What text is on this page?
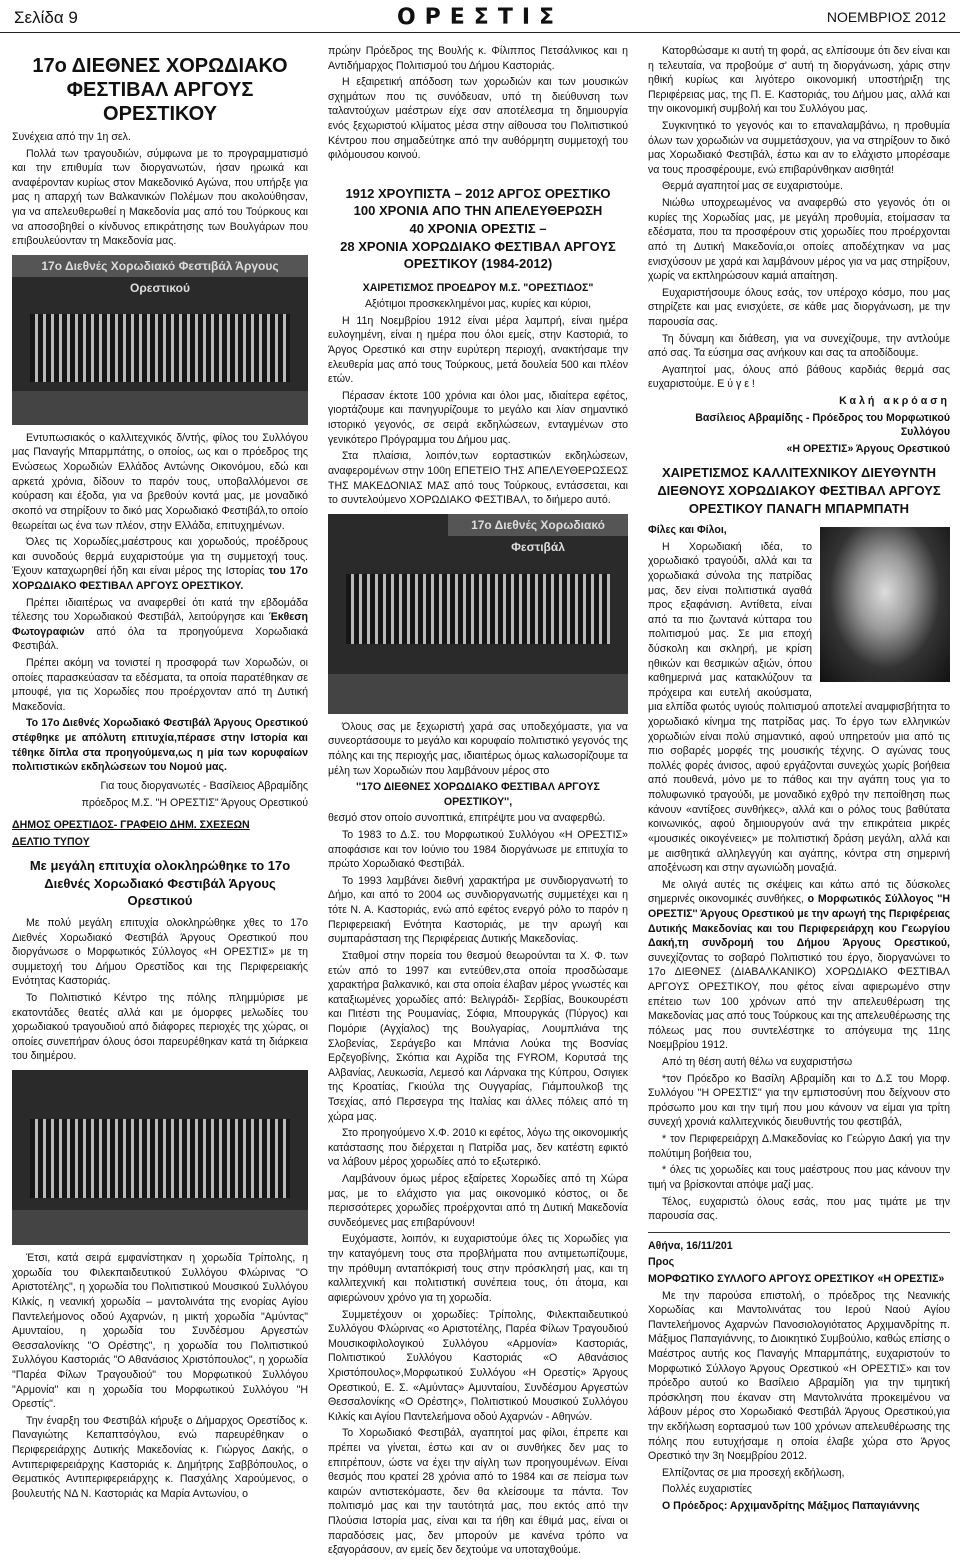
Σελίδα 9	ΟΡΕΣΤΙΣ	ΝΟΕΜΒΡΙΟΣ 2012
17ο ΔΙΕΘΝΕΣ ΧΟΡΩΔΙΑΚΟ
ΦΕΣΤΙΒΑΛ ΑΡΓΟΥΣ ΟΡΕΣΤΙΚΟΥ

Συνέχεια από την 1η σελ.

Πολλά των τραγουδιών, σύμφωνα με το προγραμματισμό και την επιθυμία των διοργανωτών, ήσαν ηρωικά και αναφέρονταν κυρίως στον Μακεδονικό Αγώνα, που υπήρξε για μας η απαρχή των Βαλκανικών Πολέμων που ακολούθησαν, για να απελευθερωθεί η Μακεδονία μας από του Τούρκους και να αποσοβηθεί ο κίνδυνος επικράτησης των Βουλγάρων που επιβουλεύονταν τη Μακεδονία μας.

17ο Διεθνές Χορωδιακό Φεστιβάλ Άργους Ορεστικού

Εντυπωσιακός ο καλλιτεχνικός δ/ντής, φίλος του Συλλόγου μας Παναγής Μπαρμπάτης, ο οποίος, ως και ο πρόεδρος της Ενώσεως Χορωδιών Ελλάδος Αντώνης Οικονόμου, εδώ και αρκετά χρόνια, δίδουν το παρόν τους, υποβαλλόμενοι σε κούραση και έξοδα, για να βρεθούν κοντά μας, με μοναδικό σκοπό να στηρίξουν το δικό μας Χορωδιακό Φεστιβάλ,το οποίο θεωρείται ως ένα των πλέον, στην Ελλάδα, επιτυχημένων.

Όλες τις Χορωδίες,μαέστρους και χορωδούς, προέδρους και συνοδούς θερμά ευχαριστούμε για τη συμμετοχή τους. Έχουν καταχωρηθεί ήδη και είναι μέρος της Ιστορίας του 17ο ΧΟΡΩΔΙΑΚΟ ΦΕΣΤΙΒΑΛ ΑΡΓΟΥΣ ΟΡΕΣΤΙΚΟΥ.

Πρέπει ιδιαιτέρως να αναφερθεί ότι κατά την εβδομάδα τέλεσης του Χορωδιακού Φεστιβάλ, λειτούργησε και Έκθεση Φωτογραφιών από όλα τα προηγούμενα Χορωδιακά Φεστιβάλ.

Πρέπει ακόμη να τονιστεί η προσφορά των Χορωδών, οι οποίες παρασκεύασαν τα εδέσματα, τα οποία παρατέθηκαν σε μπουφέ, για τις Χορωδίες που προέρχονταν από τη Δυτική Μακεδονία.

Το 17ο Διεθνές Χορωδιακό Φεστιβάλ Άργους Ορεστικού στέφθηκε με απόλυτη επιτυχία,πέρασε στην Ιστορία και τέθηκε δίπλα στα προηγούμενα,ως η μία των κορυφαίων πολιτιστικών εκδηλώσεων του Νομού μας.

Για τους διοργανωτές - Βασίλειος Αβραμίδης

πρόεδρος Μ.Σ. "Η ΟΡΕΣΤΙΣ" Άργους Ορεστικού

ΔΗΜΟΣ ΟΡΕΣΤΙΔΟΣ- ΓΡΑΦΕΙΟ ΔΗΜ. ΣΧΕΣΕΩΝ

ΔΕΛΤΙΟ ΤΥΠΟΥ

Με μεγάλη επιτυχία ολοκληρώθηκε το 17ο Διεθνές Χορωδιακό Φεστιβάλ Άργους Ορεστικού

Με πολύ μεγάλη επιτυχία ολοκληρώθηκε χθες το 17ο Διεθνές Χορωδιακό Φεστιβάλ Άργους Ορεστικού που διοργάνωσε ο Μορφωτικός Σύλλογος «Η ΟΡΕΣΤΙΣ» με τη συμμετοχή του Δήμου Ορεστίδος και της Περιφερειακής Ενότητας Καστοριάς.

Το Πολιτιστικό Κέντρο της πόλης πλημμύρισε με εκατοντάδες θεατές αλλά και με όμορφες μελωδίες του χορωδιακού τραγουδιού από διάφορες περιοχές της χώρας, οι οποίες συνεπήραν όλους όσοι παρευρέθηκαν κατά τη διάρκεια του διημέρου.

Έτσι, κατά σειρά εμφανίστηκαν η χορωδία Τρίπολης, η χορωδία του Φιλεκπαιδευτικού Συλλόγου Φλώρινας "Ο Αριστοτέλης", η χορωδία του Πολιτιστικού Μουσικού Συλλόγου Κιλκίς, η νεανική χορωδία – μαντολινάτα της ενορίας Αγίου Παντελεήμονος οδού Αχαρνών, η μικτή χορωδία "Αμύντας" Αμυνταίου, η χορωδία του Συνδέσμου Αργεστών Θεσσαλονίκης "Ο Ορέστης", η χορωδία του Πολιτιστικού Συλλόγου Καστοριάς "Ο Αθανάσιος Χριστόπουλος", η χορωδία "Παρέα Φίλων Τραγουδιού" του Μορφωτικού Συλλόγου "Αρμονία" και η χορωδία του Μορφωτικού Συλλόγου "Η Ορεστίς".

Την έναρξη του Φεστιβάλ κήρυξε ο Δήμαρχος Ορεστίδος κ. Παναγιώτης Κεπαπτσόγλου, ενώ παρευρέθηκαν ο Περιφερειάρχης Δυτικής Μακεδονίας κ. Γιώργος Δακής, ο Αντιπεριφερειάρχης Καστοριάς κ. Δημήτρης Σαββόπουλος, ο Θεματικός Αντιπεριφερειάρχης κ. Πασχάλης Χαρούμενος, ο βουλευτής ΝΔ Ν. Καστοριάς κα Μαρία Αντωνίου, ο

πρώην Πρόεδρος της Βουλής κ. Φίλιππος Πετσάλνικος και η Αντιδήμαρχος Πολιτισμού του Δήμου Καστοριάς.

Η εξαιρετική απόδοση των χορωδιών και των μουσικών σχημάτων που τις συνόδευαν, υπό τη διεύθυνση των ταλαντούχων μαέστρων είχε σαν αποτέλεσμα τη δημιουργία ενός ξεχωριστού κλίματος μέσα στην αίθουσα του Πολιτιστικού Κέντρου που σημαδεύτηκε από την αυθόρμητη συμμετοχή του φιλόμουσου κοινού.

1912 ΧΡΟΥΠΙΣΤΑ – 2012 ΑΡΓΟΣ ΟΡΕΣΤΙΚΟ
100 ΧΡΟΝΙΑ ΑΠΟ ΤΗΝ ΑΠΕΛΕΥΘΕΡΩΣΗ
40 ΧΡΟΝΙΑ ΟΡΕΣΤΙΣ –
28 ΧΡΟΝΙΑ ΧΟΡΩΔΙΑΚΟ ΦΕΣΤΙΒΑΛ ΑΡΓΟΥΣ ΟΡΕΣΤΙΚΟΥ (1984-2012)

ΧΑΙΡΕΤΙΣΜΟΣ ΠΡΟΕΔΡΟΥ Μ.Σ. "ΟΡΕΣΤΙΔΟΣ"

Αξιότιμοι προσκεκλημένοι μας, κυρίες και κύριοι,

Η 11η Νοεμβρίου 1912 είναι μέρα λαμπρή, είναι ημέρα ευλογημένη, είναι η ημέρα που όλοι εμείς, στην Καστοριά, το Άργος Ορεστικό και στην ευρύτερη περιοχή, ανακτήσαμε την ελευθερία μας από τους Τούρκους, μετά δουλεία 500 και πλέον ετών.

Πέρασαν έκτοτε 100 χρόνια και όλοι μας, ιδιαίτερα εφέτος, γιορτάζουμε και πανηγυρίζουμε το μεγάλο και λίαν σημαντικό ιστορικό γεγονός, σε σειρά εκδηλώσεων, ενταγμένων στο γενικότερο Πρόγραμμα του Δήμου μας.

Στα πλαίσια, λοιπόν,των εορταστικών εκδηλώσεων, αναφερομένων στην 100η ΕΠΕΤΕΙΟ ΤΗΣ ΑΠΕΛΕΥΘΕΡΩΣΕΩΣ ΤΗΣ ΜΑΚΕΔΟΝΙΑΣ ΜΑΣ από τους Τούρκους, εντάσσεται, και το συντελούμενο ΧΟΡΩΔΙΑΚΟ ΦΕΣΤΙΒΑΛ, το διήμερο αυτό.

17ο Διεθνές Χορωδιακό Φεστιβάλ

Όλους σας με ξεχωριστή χαρά σας υποδεχόμαστε, για να συνεορτάσουμε το μεγάλο και κορυφαίο πολιτιστικό γεγονός της πόλης και της περιοχής μας, ιδιαιτέρως όμως καλωσορίζουμε τα μέλη των Χορωδιών που λαμβάνουν μέρος στο

''17Ο ΔΙΕΘΝΕΣ ΧΟΡΩΔΙΑΚΟ ΦΕΣΤΙΒΑΛ ΑΡΓΟΥΣ ΟΡΕΣΤΙΚΟΥ'',

θεσμό στον οποίο συνοπτικά, επιτρέψτε μου να αναφερθώ.

Το 1983 το Δ.Σ. του Μορφωτικού Συλλόγου «Η ΟΡΕΣΤΙΣ» αποφάσισε και τον Ιούνιο του 1984 διοργάνωσε με επιτυχία το πρώτο Χορωδιακό Φεστιβάλ.

Το 1993 λαμβάνει διεθνή χαρακτήρα με συνδιοργανωτή το Δήμο, και από το 2004 ως συνδιοργανωτής συμμετέχει και η τότε Ν. Α. Καστοριάς, ενώ από εφέτος ενεργό ρόλο το παρόν η Περιφερειακή Ενότητα Καστοριάς, με την αρωγή και συμπαράσταση της Περιφέρειας Δυτικής Μακεδονίας.

Σταθμοί στην πορεία του θεσμού θεωρούνται τα Χ. Φ. των ετών από το 1997 και εντεύθεν,στα οποία προσδώσαμε χαρακτήρα βαλκανικό, και στα οποία έλαβαν μέρος γνωστές και καταξιωμένες χορωδίες από: Βελιγράδι- Σερβίας, Βουκουρέστι και Πιτέστι της Ρουμανίας, Σόφια, Μπουργκάς (Πύργος) και Πομόριε (Αγχίαλος) της Βουλγαρίας, Λουμπλιάνα της Σλοβενίας, Σεράγεβο και Μπάνια Λούκα της Βοσνίας Ερζεγοβίνης, Σκόπια και Αχρίδα της FYROM, Κορυτσά της Αλβανίας, Λευκωσία, Λεμεσό και Λάρνακα της Κύπρου, Οσιγιεκ της Κροατίας, Γκιούλα της Ουγγαρίας, Γιάμπουλκοβ της Τσεχίας, από Περσεγρα της Ιταλίας και άλλες πόλεις από τη χώρα μας.

Στο προηγούμενο Χ.Φ. 2010 κι εφέτος, λόγω της οικονομικής κατάστασης που διέρχεται η Πατρίδα μας, δεν κατέστη εφικτό να λάβουν μέρος χορωδίες από το εξωτερικό.

Λαμβάνουν όμως μέρος εξαίρετες Χορωδίες από τη Χώρα μας, με το ελάχιστο για μας οικονομικό κόστος, οι δε περισσότερες χορωδίες προέρχονται από τη Δυτική Μακεδονία συνδεόμενες μας επιβαρύνουν!

Ευχόμαστε, λοιπόν, κι ευχαριστούμε όλες τις Χορωδίες για την καταγόμενη τους στα προβλήματα που αντιμετωπίζουμε, την πρόθυμη ανταπόκρισή τους στην πρόσκλησή μας, και τη καλλιτεχνική και πολιτιστική συνέπεια τους, ότι άτομα, και αφιερώνουν χρόνο για τη χορωδία.

Συμμετέχουν οι χορωδίες: Τρίπολης, Φιλεκπαιδευτικού Συλλόγου Φλώρινας «ο Αριστοτέλης, Παρέα Φίλων Τραγουδιού Μουσικοφιλολογικού Συλλόγου «Αρμονία» Καστοριάς, Πολιτιστικού Συλλόγου Καστοριάς «Ο Αθανάσιος Χριστόπουλος»,Μορφωτικού Συλλόγου «Η Ορεστίς» Άργους Ορεστικού, Ε. Σ. «Αμύντας» Αμυνταίου, Συνδέσμου Αργεστών Θεσσαλονίκης «Ο Ορέστης», Πολιτιστικού Μουσικού Συλλόγου Κιλκίς και Αγίου Παντελεήμονα οδού Αχαρνών - Αθηνών.

Το Χορωδιακό Φεστιβάλ, αγαπητοί μας φίλοι, έπρεπε και πρέπει να γίνεται, έστω και αν οι συνθήκες δεν μας το επιτρέπουν, ώστε να έχει την αίγλη των προηγουμένων. Είναι θεσμός που κρατεί 28 χρόνια από το 1984 και σε πείσμα των καιρών αντιστεκόμαστε, δεν θα κλείσουμε τα πάντα. Τον πολιτισμό μας και την ταυτότητά μας, που εκτός από την Πλούσια Ιστορία μας, είναι και τα ήθη και έθιμά μας, είναι οι παραδόσεις μας, δεν μπορούν με κανένα τρόπο να εξαγοράσουν, αν εμείς δεν δεχτούμε να υποταχθούμε.

Κατορθώσαμε κι αυτή τη φορά, ας ελπίσουμε ότι δεν είναι και η τελευταία, να προβούμε σ' αυτή τη διοργάνωση, χάρις στην ηθική κυρίως και λιγότερο οικονομική υποστήριξη της Περιφέρειας μας, της Π. Ε. Καστοριάς, του Δήμου μας, αλλά και την οικονομική συμβολή και του Συλλόγου μας.

Συγκινητικό το γεγονός και το επαναλαμβάνω, η προθυμία όλων των χορωδιών να συμμετάσχουν, για να στηρίξουν το δικό μας Χορωδιακό Φεστιβάλ, έστω και αν το ελάχιστο μπορέσαμε να τους προσφέρουμε, ενώ επιβαρύνθηκαν αισθητά!

Θερμά αγαπητοί μας σε ευχαριστούμε.

Νιώθω υποχρεωμένος να αναφερθώ στο γεγονός ότι οι κυρίες της Χορωδίας μας, με μεγάλη προθυμία, ετοίμασαν τα εδέσματα, που τα προσφέρουν στις χορωδίες που προέρχονται από τη Δυτική Μακεδονία,οι οποίες αποδέχτηκαν να μας ενισχύσουν με χαρά και λαμβάνουν μέρος για να μας στηρίξουν, χωρίς να εκπληρώσουν καμιά απαίτηση.

Ευχαριστήσουμε όλους εσάς, τον υπέροχο κόσμο, που μας στηρίζετε και μας ενισχύετε, σε κάθε μας διοργάνωση, με την παρουσία σας.

Τη δύναμη και διάθεση, για να συνεχίζουμε, την αντλούμε από σας. Τα εύσημα σας ανήκουν και σας τα αποδίδουμε.

Αγαπητοί μας, όλους από βάθους καρδιάς θερμά σας ευχαριστούμε. Ε ύ γ ε !

Καλή ακρόαση

Βασίλειος Αβραμίδης - Πρόεδρος του Μορφωτικού Συλλόγου

«Η ΟΡΕΣΤΙΣ» Άργους Ορεστικού

ΧΑΙΡΕΤΙΣΜΟΣ ΚΑΛΛΙΤΕΧΝΙΚΟΥ ΔΙΕΥΘΥΝΤΗ ΔΙΕΘΝΟΥΣ ΧΟΡΩΔΙΑΚΟΥ ΦΕΣΤΙΒΑΛ ΑΡΓΟΥΣ ΟΡΕΣΤΙΚΟΥ ΠΑΝΑΓΗ ΜΠΑΡΜΠΑΤΗ

Φίλες και Φίλοι,

Η Χορωδιακή ιδέα, το χορωδιακό τραγούδι, αλλά και τα χορωδιακά σύνολα της πατρίδας μας, δεν είναι πολιτιστικά αγαθά προς εξαφάνιση. Αντίθετα, είναι από τα πιο ζωντανά κύτταρα του πολιτισμού μας. Σε μια εποχή δύσκολη και σκληρή, με κρίση ηθικών και θεσμικών αξιών, όπου καθημερινά μας κατακλύζουν τα πρόχειρα και ευτελή ακούσματα, μια ελπίδα φωτός υγιούς πολιτισμού αποτελεί αναμφισβήτητα το χορωδιακό κίνημα της πατρίδας μας. Το έργο των ελληνικών χορωδιών είναι πολύ σημαντικό, αφού υπηρετούν μια από τις πιο σοβαρές μορφές της μουσικής τέχνης. Ο αγώνας τους πολλές φορές άνισος, αφού εργάζονται συνεχώς χωρίς βοήθεια από πουθενά, μόνο με το πάθος και την αγάπη τους για το πολυφωνικό τραγούδι, με μοναδικό εχθρό την πεποίθηση πως κάνουν «αντίξοες συνθήκες», αλλά και ο ρόλος τους βαθύτατα κοινωνικός, αφού δημιουργούν ανά την επικράτεια μικρές «μουσικές οικογένειες» με πολιτιστική δράση μεγάλη, αλλά και με αισθητικά αλληλεγγύη και αγάπης, κόντρα στη σημερινή αποξένωση και στην αγωνιώδη μοναξιά.

Με ολιγά αυτές τις σκέψεις και κάτω από τις δύσκολες σημερινές οικονομικές συνθήκες, ο Μορφωτικός Σύλλογος ''Η ΟΡΕΣΤΙΣ'' Άργους Ορεστικού με την αρωγή της Περιφέρειας Δυτικής Μακεδονίας και του Περιφερειάρχη κου Γεωργίου Δακή,τη συνδρομή του Δήμου Άργους Ορεστικού, συνεχίζοντας το σοβαρό Πολιτιστικό του έργο, διοργανώνει το 17ο ΔΙΕΘΝΕΣ (ΔΙΑΒΑΛΚΑΝΙΚΟ) ΧΟΡΩΔΙΑΚΟ ΦΕΣΤΙΒΑΛ ΑΡΓΟΥΣ ΟΡΕΣΤΙΚΟΥ, που φέτος είναι αφιερωμένο στην επέτειο των 100 χρόνων από την απελευθέρωση της Μακεδονίας μας από τους Τούρκους και της απελευθέρωσης της πόλεως μας που συντελέστηκε το απόγευμα της 11ης Νοεμβρίου 1912.

Από τη θέση αυτή θέλω να ευχαριστήσω

*τον Πρόεδρο κο Βασίλη Αβραμίδη και το Δ.Σ του Μορφ. Συλλόγου ''Η ΟΡΕΣΤΙΣ'' για την εμπιστοσύνη που δείχνουν στο πρόσωπο μου και την τιμή που μου κάνουν να είμαι για τρίτη συνεχή χρονιά καλλιτεχνικός διευθυντής του φεστιβάλ,

* τον Περιφερειάρχη Δ.Μακεδονίας κο Γεώργιο Δακή για την πολύτιμη βοήθεια του,

* όλες τις χορωδίες και τους μαέστρους που μας κάνουν την τιμή να βρίσκονται απόψε μαζί μας.

Τέλος, ευχαριστώ όλους εσάς, που μας τιμάτε με την παρουσία σας.

Αθήνα, 16/11/201

Προς

ΜΟΡΦΩΤΙΚΟ ΣΥΛΛΟΓΟ ΑΡΓΟΥΣ ΟΡΕΣΤΙΚΟΥ «Η ΟΡΕΣΤΙΣ»

Με την παρούσα επιστολή, ο πρόεδρος της Νεανικής Χορωδίας και Μαντολινάτας του Ιερού Ναού Αγίου Παντελεήμονος Αχαρνών Πανοσιολογιότατος Αρχιμανδρίτης π. Μάξιμος Παπαγιάννης, το Διοικητικό Συμβούλιο, καθώς επίσης ο Μαέστρος αυτής κος Παναγής Μπαρμπάτης, ευχαριστούν το Μορφωτικό Σύλλογο Άργους Ορεστικού «Η ΟΡΕΣΤΙΣ» και τον πρόεδρο αυτού κο Βασίλειο Αβραμίδη για την τιμητική πρόσκληση που έκαναν στη Μαντολινάτα προκειμένου να λάβουν μέρος στο Χορωδιακό Φεστιβάλ Άργους Ορεστικού,για την εκδήλωση εορτασμού των 100 χρόνων απελευθέρωσης της πόλης που ευτυχήσαμε η οποία έλαβε χώρα στο Άργος Ορεστικό την 3η Νοεμβρίου 2012.

Ελπίζοντας σε μια προσεχή εκδήλωση,

Πολλές ευχαριστίες

Ο Πρόεδρος: Αρχιμανδρίτης Μάξιμος Παπαγιάννης
